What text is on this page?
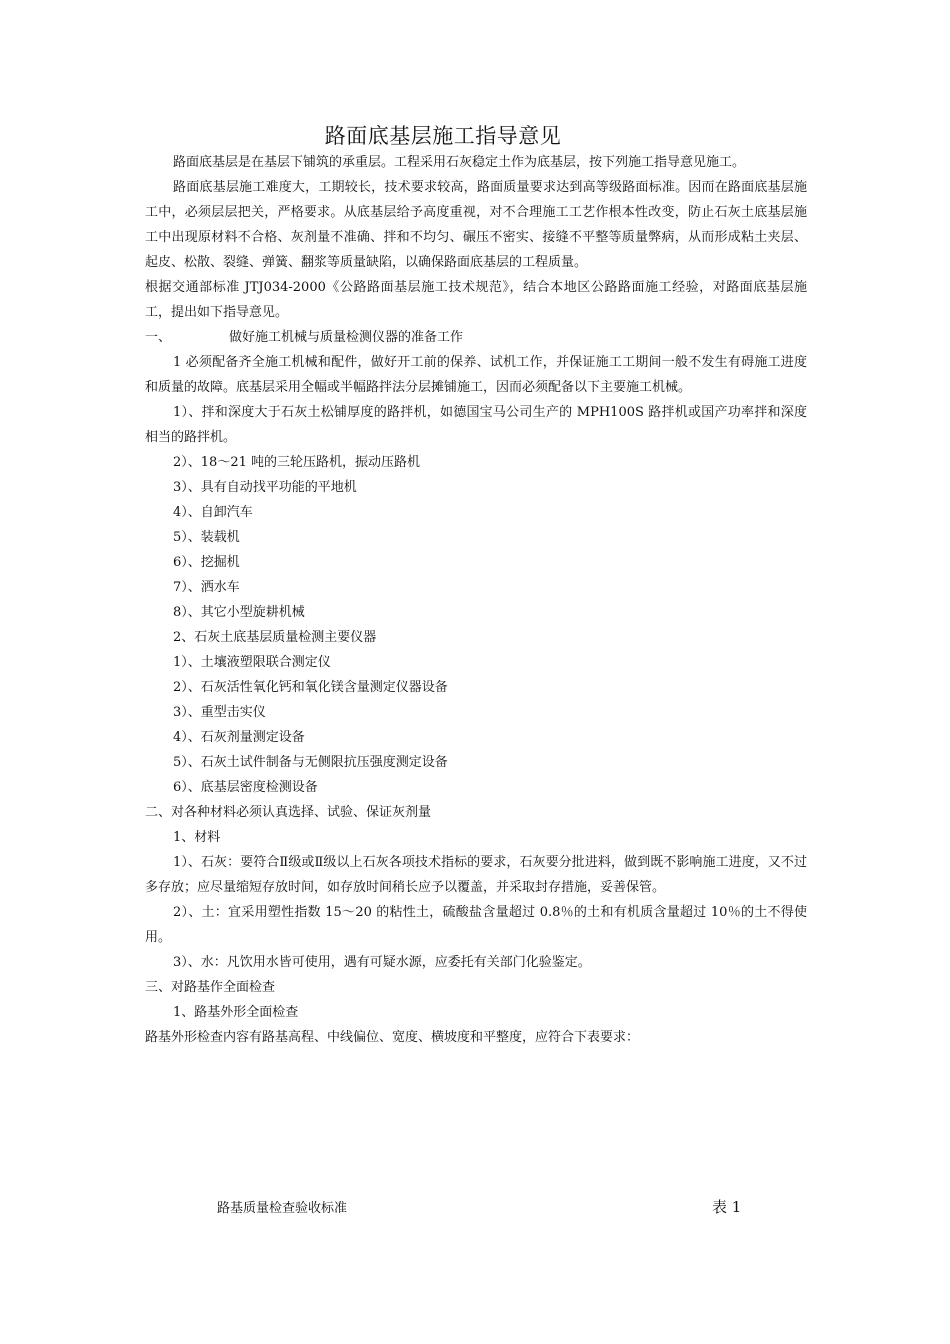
路面底基层施工指导意见

路面底基层是在基层下铺筑的承重层。工程采用石灰稳定土作为底基层，按下列施工指导意见施工。

路面底基层施工难度大，工期较长，技术要求较高，路面质量要求达到高等级路面标准。因而在路面底基层施工中，必须层层把关，严格要求。从底基层给予高度重视，对不合理施工工艺作根本性改变，防止石灰土底基层施工中出现原材料不合格、灰剂量不准确、拌和不均匀、碾压不密实、接缝不平整等质量弊病，从而形成粘土夹层、起皮、松散、裂缝、弹簧、翻浆等质量缺陷，以确保路面底基层的工程质量。

根据交通部标准 JTJ034-2000《公路路面基层施工技术规范》，结合本地区公路路面施工经验，对路面底基层施工，提出如下指导意见。

一、	做好施工机械与质量检测仪器的准备工作

1 必须配备齐全施工机械和配件，做好开工前的保养、试机工作，并保证施工工期间一般不发生有碍施工进度和质量的故障。底基层采用全幅或半幅路拌法分层摊铺施工，因而必须配备以下主要施工机械。

1）、拌和深度大于石灰土松铺厚度的路拌机，如德国宝马公司生产的 MPH100S 路拌机或国产功率拌和深度相当的路拌机。

2）、18～21 吨的三轮压路机，振动压路机

3）、具有自动找平功能的平地机

4）、自卸汽车

5）、装载机

6）、挖掘机

7）、洒水车

8）、其它小型旋耕机械

2、石灰土底基层质量检测主要仪器

1）、土壤液塑限联合测定仪

2）、石灰活性氧化钙和氧化镁含量测定仪器设备

3）、重型击实仪

4）、石灰剂量测定设备

5）、石灰土试件制备与无侧限抗压强度测定设备

6）、底基层密度检测设备

二、对各种材料必须认真选择、试验、保证灰剂量

1、材料

1）、石灰：要符合Ⅱ级或Ⅱ级以上石灰各项技术指标的要求，石灰要分批进料，做到既不影响施工进度，又不过多存放；应尽量缩短存放时间，如存放时间稍长应予以覆盖，并采取封存措施，妥善保管。

2）、土：宜采用塑性指数 15～20 的粘性土，硫酸盐含量超过 0.8％的土和有机质含量超过 10％的土不得使用。

3）、水：凡饮用水皆可使用，遇有可疑水源，应委托有关部门化验鉴定。

三、对路基作全面检查

1、路基外形全面检查

路基外形检查内容有路基高程、中线偏位、宽度、横坡度和平整度，应符合下表要求：

路基质量检查验收标准	表 1
